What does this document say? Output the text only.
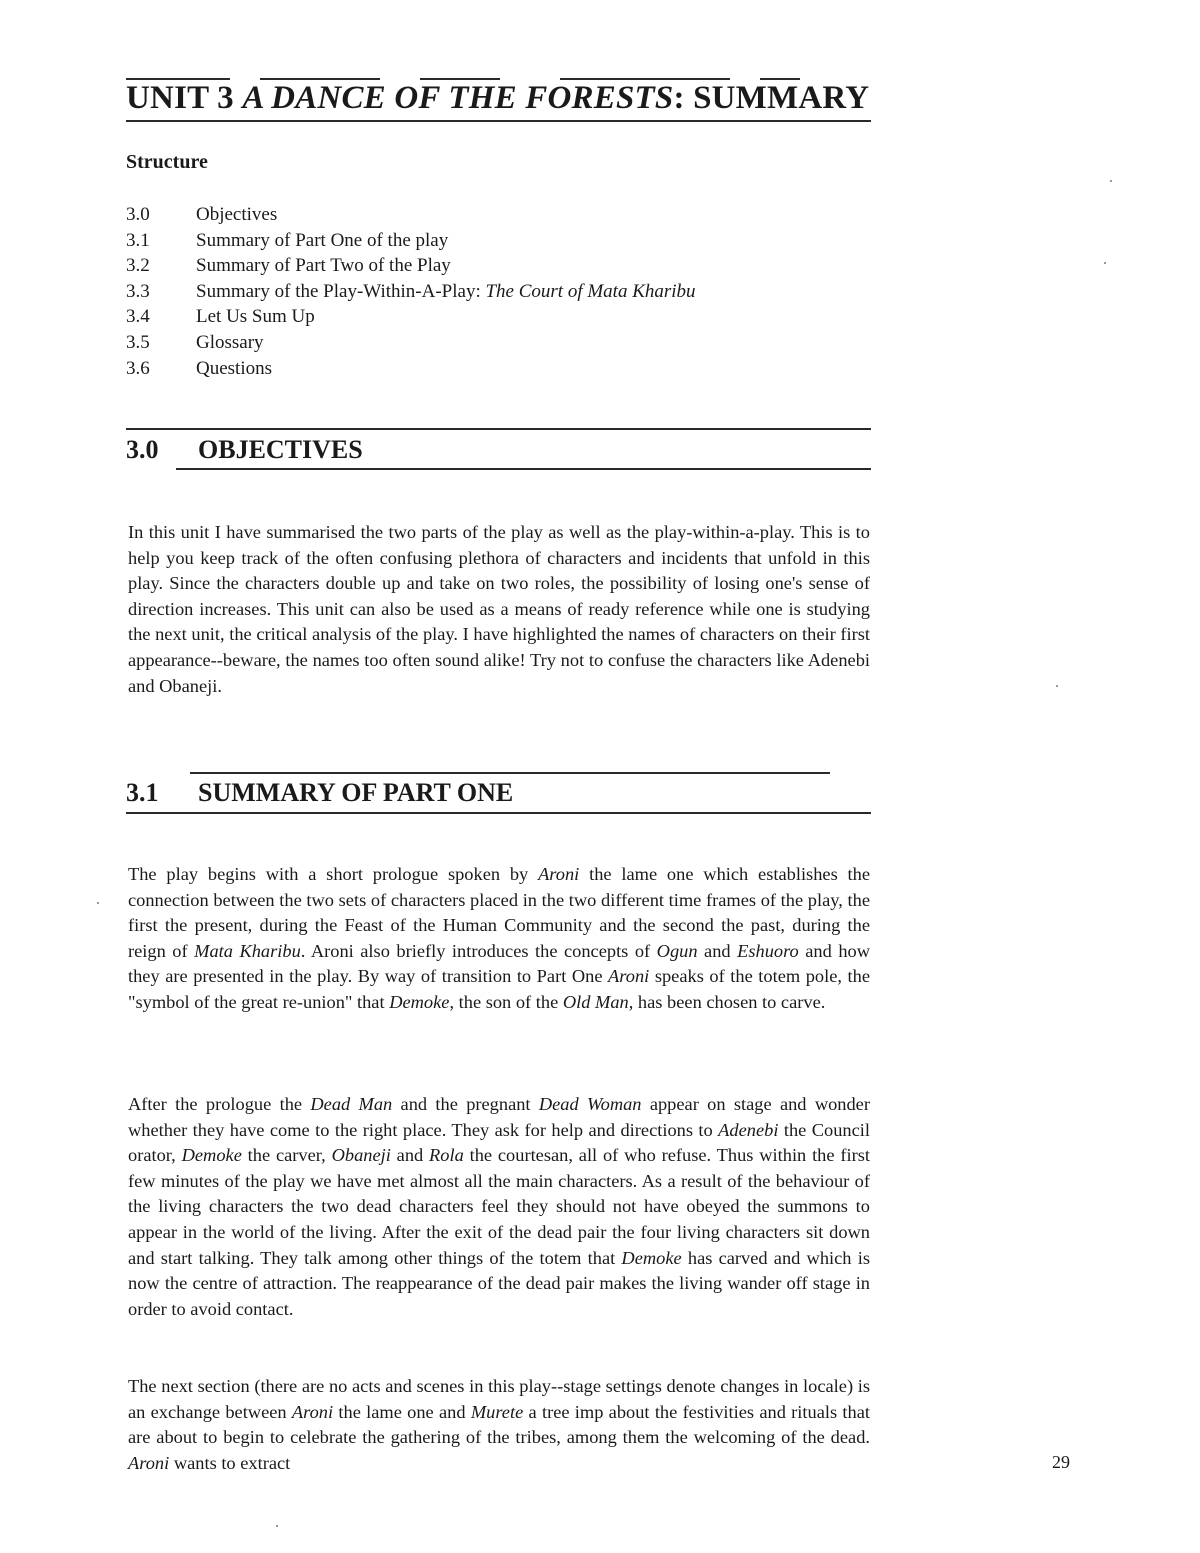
UNIT 3 A DANCE OF THE FORESTS: SUMMARY
Structure
3.0 Objectives
3.1 Summary of Part One of the play
3.2 Summary of Part Two of the Play
3.3 Summary of the Play-Within-A-Play: The Court of Mata Kharibu
3.4 Let Us Sum Up
3.5 Glossary
3.6 Questions
3.0 OBJECTIVES

In this unit I have summarised the two parts of the play as well as the play-within-a-play. This is to help you keep track of the often confusing plethora of characters and incidents that unfold in this play. Since the characters double up and take on two roles, the possibility of losing one's sense of direction increases. This unit can also be used as a means of ready reference while one is studying the next unit, the critical analysis of the play. I have highlighted the names of characters on their first appearance--beware, the names too often sound alike! Try not to confuse the characters like Adenebi and Obaneji.

3.1 SUMMARY OF PART ONE

The play begins with a short prologue spoken by Aroni the lame one which establishes the connection between the two sets of characters placed in the two different time frames of the play, the first the present, during the Feast of the Human Community and the second the past, during the reign of Mata Kharibu. Aroni also briefly introduces the concepts of Ogun and Eshuoro and how they are presented in the play. By way of transition to Part One Aroni speaks of the totem pole, the "symbol of the great re-union" that Demoke, the son of the Old Man, has been chosen to carve.

After the prologue the Dead Man and the pregnant Dead Woman appear on stage and wonder whether they have come to the right place. They ask for help and directions to Adenebi the Council orator, Demoke the carver, Obaneji and Rola the courtesan, all of who refuse. Thus within the first few minutes of the play we have met almost all the main characters. As a result of the behaviour of the living characters the two dead characters feel they should not have obeyed the summons to appear in the world of the living. After the exit of the dead pair the four living characters sit down and start talking. They talk among other things of the totem that Demoke has carved and which is now the centre of attraction. The reappearance of the dead pair makes the living wander off stage in order to avoid contact.

The next section (there are no acts and scenes in this play--stage settings denote changes in locale) is an exchange between Aroni the lame one and Murete a tree imp about the festivities and rituals that are about to begin to celebrate the gathering of the tribes, among them the welcoming of the dead. Aroni wants to extract	29
